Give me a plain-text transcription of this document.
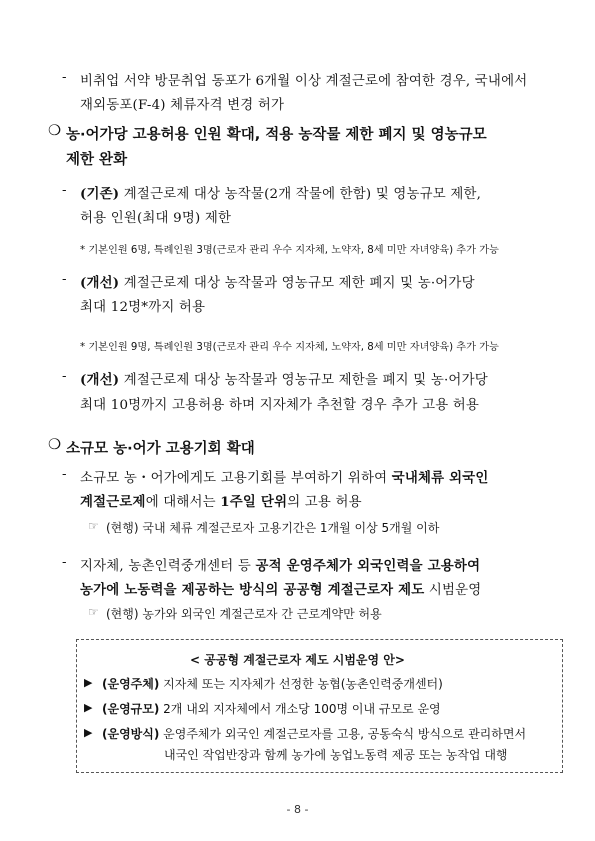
- 비취업 서약 방문취업 동포가 6개월 이상 계절근로에 참여한 경우, 국내에서
재외동포(F-4) 체류자격 변경 허가
❍ 농·어가당 고용허용 인원 확대, 적용 농작물 제한 폐지 및 영농규모
제한 완화
- (기존) 계절근로제 대상 농작물(2개 작물에 한함) 및 영농규모 제한,
허용 인원(최대 9명) 제한
* 기본인원 6명, 특례인원 3명(근로자 관리 우수 지자체, 노약자, 8세 미만 자녀양육) 추가 가능
- (개선) 계절근로제 대상 농작물과 영농규모 제한 폐지 및 농·어가당
최대 12명*까지 허용
* 기본인원 9명, 특례인원 3명(근로자 관리 우수 지자체, 노약자, 8세 미만 자녀양육) 추가 가능
- (개선) 계절근로제 대상 농작물과 영농규모 제한을 폐지 및 농·어가당
최대 10명까지 고용허용 하며 지자체가 추천할 경우 추가 고용 허용
❍ 소규모 농·어가 고용기회 확대
- 소규모 농・어가에게도 고용기회를 부여하기 위하여 국내체류 외국인
계절근로제에 대해서는 1주일 단위의 고용 허용
☞ (현행) 국내 체류 계절근로자 고용기간은 1개월 이상 5개월 이하
- 지자체, 농촌인력중개센터 등 공적 운영주체가 외국인력을 고용하여
농가에 노동력을 제공하는 방식의 공공형 계절근로자 제도 시범운영
☞ (현행) 농가와 외국인 계절근로자 간 근로계약만 허용
< 공공형 계절근로자 제도 시범운영 안>
▶ (운영주체) 지자체 또는 지자체가 선정한 농협(농촌인력중개센터)
▶ (운영규모) 2개 내외 지자체에서 개소당 100명 이내 규모로 운영
▶ (운영방식) 운영주체가 외국인 계절근로자를 고용, 공동숙식 방식으로 관리하면서
내국인 작업반장과 함께 농가에 농업노동력 제공 또는 농작업 대행
- 8 -
